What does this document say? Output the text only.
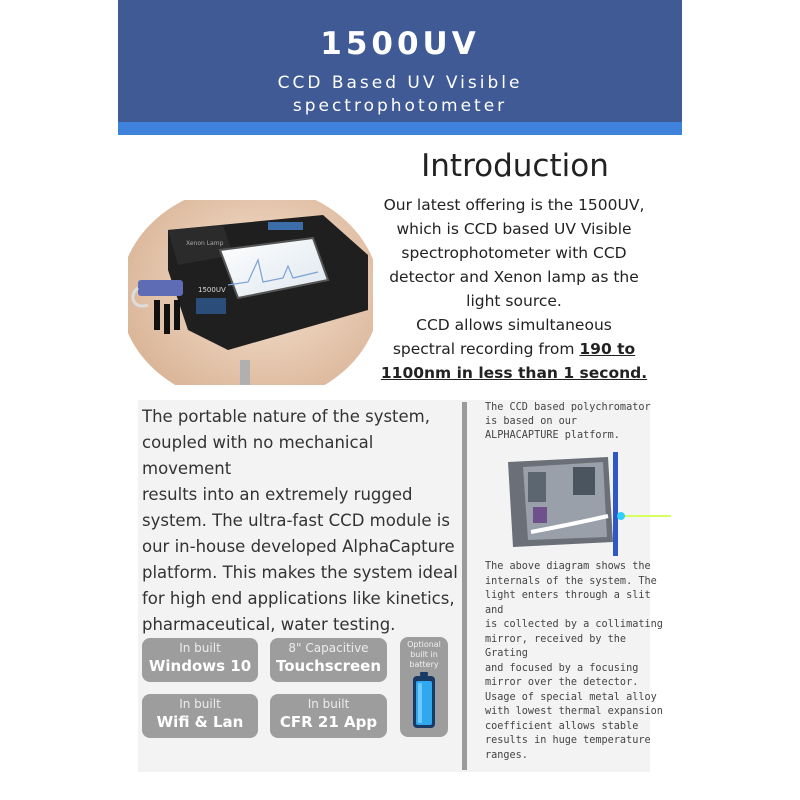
1500UV
CCD Based UV Visible
spectrophotometer
Xenon Lamp
1500UV
Introduction
Our latest offering is the 1500UV,
which is CCD based UV Visible
spectrophotometer with CCD
detector and Xenon lamp as the
light source.
CCD allows simultaneous
spectral recording from 190 to
1100nm in less than 1 second.
The portable nature of the system,
coupled with no mechanical movement
results into an extremely rugged
system. The ultra-fast CCD module is
our in-house developed AlphaCapture
platform. This makes the system ideal
for high end applications like kinetics,
pharmaceutical, water testing.
In built
Windows 10
8" Capacitive
Touchscreen
In built
Wifi & Lan
In built
CFR 21 App
Optional
built in
battery
The CCD based polychromator
is based on our
ALPHACAPTURE platform.
The above diagram shows the
internals of the system. The
light enters through a slit and
is collected by a collimating
mirror, received by the Grating
and focused by a focusing
mirror over the detector.
Usage of special metal alloy
with lowest thermal expansion
coefficient allows stable
results in huge temperature
ranges.
